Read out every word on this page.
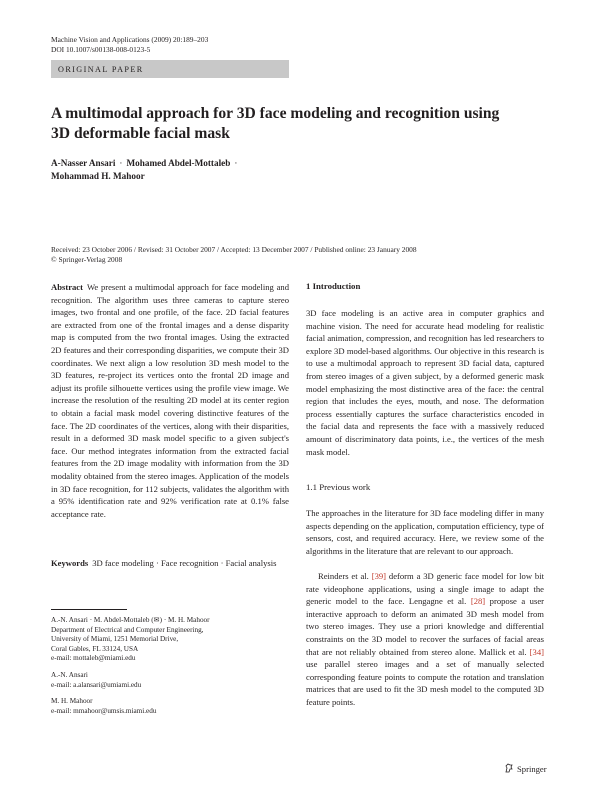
Machine Vision and Applications (2009) 20:189–203
DOI 10.1007/s00138-008-0123-5
ORIGINAL PAPER
A multimodal approach for 3D face modeling and recognition using 3D deformable facial mask
A-Nasser Ansari · Mohamed Abdel-Mottaleb ·
Mohammad H. Mahoor
Received: 23 October 2006 / Revised: 31 October 2007 / Accepted: 13 December 2007 / Published online: 23 January 2008
© Springer-Verlag 2008
Abstract We present a multimodal approach for face modeling and recognition. The algorithm uses three cameras to capture stereo images, two frontal and one profile, of the face. 2D facial features are extracted from one of the frontal images and a dense disparity map is computed from the two frontal images. Using the extracted 2D features and their corresponding disparities, we compute their 3D coordinates. We next align a low resolution 3D mesh model to the 3D features, re-project its vertices onto the frontal 2D image and adjust its profile silhouette vertices using the profile view image. We increase the resolution of the resulting 2D model at its center region to obtain a facial mask model covering distinctive features of the face. The 2D coordinates of the vertices, along with their disparities, result in a deformed 3D mask model specific to a given subject's face. Our method integrates information from the extracted facial features from the 2D image modality with information from the 3D modality obtained from the stereo images. Application of the models in 3D face recognition, for 112 subjects, validates the algorithm with a 95% identification rate and 92% verification rate at 0.1% false acceptance rate.
Keywords 3D face modeling · Face recognition · Facial analysis
A.-N. Ansari · M. Abdel-Mottaleb (✉) · M. H. Mahoor
Department of Electrical and Computer Engineering,
University of Miami, 1251 Memorial Drive,
Coral Gables, FL 33124, USA
e-mail: mottaleb@miami.edu
A.-N. Ansari
e-mail: a.alansari@umiami.edu
M. H. Mahoor
e-mail: mmahoor@umsis.miami.edu
1 Introduction
3D face modeling is an active area in computer graphics and machine vision. The need for accurate head modeling for realistic facial animation, compression, and recognition has led researchers to explore 3D model-based algorithms. Our objective in this research is to use a multimodal approach to represent 3D facial data, captured from stereo images of a given subject, by a deformed generic mask model emphasizing the most distinctive area of the face: the central region that includes the eyes, mouth, and nose. The deformation process essentially captures the surface characteristics encoded in the facial data and represents the face with a massively reduced amount of discriminatory data points, i.e., the vertices of the mesh mask model.
1.1 Previous work
The approaches in the literature for 3D face modeling differ in many aspects depending on the application, computation efficiency, type of sensors, cost, and required accuracy. Here, we review some of the algorithms in the literature that are relevant to our approach.
Reinders et al. [39] deform a 3D generic face model for low bit rate videophone applications, using a single image to adapt the generic model to the face. Lengagne et al. [28] propose a user interactive approach to deform an animated 3D mesh model from two stereo images. They use a priori knowledge and differential constraints on the 3D model to recover the surfaces of facial areas that are not reliably obtained from stereo alone. Mallick et al. [34] use parallel stereo images and a set of manually selected corresponding feature points to compute the rotation and translation matrices that are used to fit the 3D mesh model to the computed 3D feature points.
Springer
